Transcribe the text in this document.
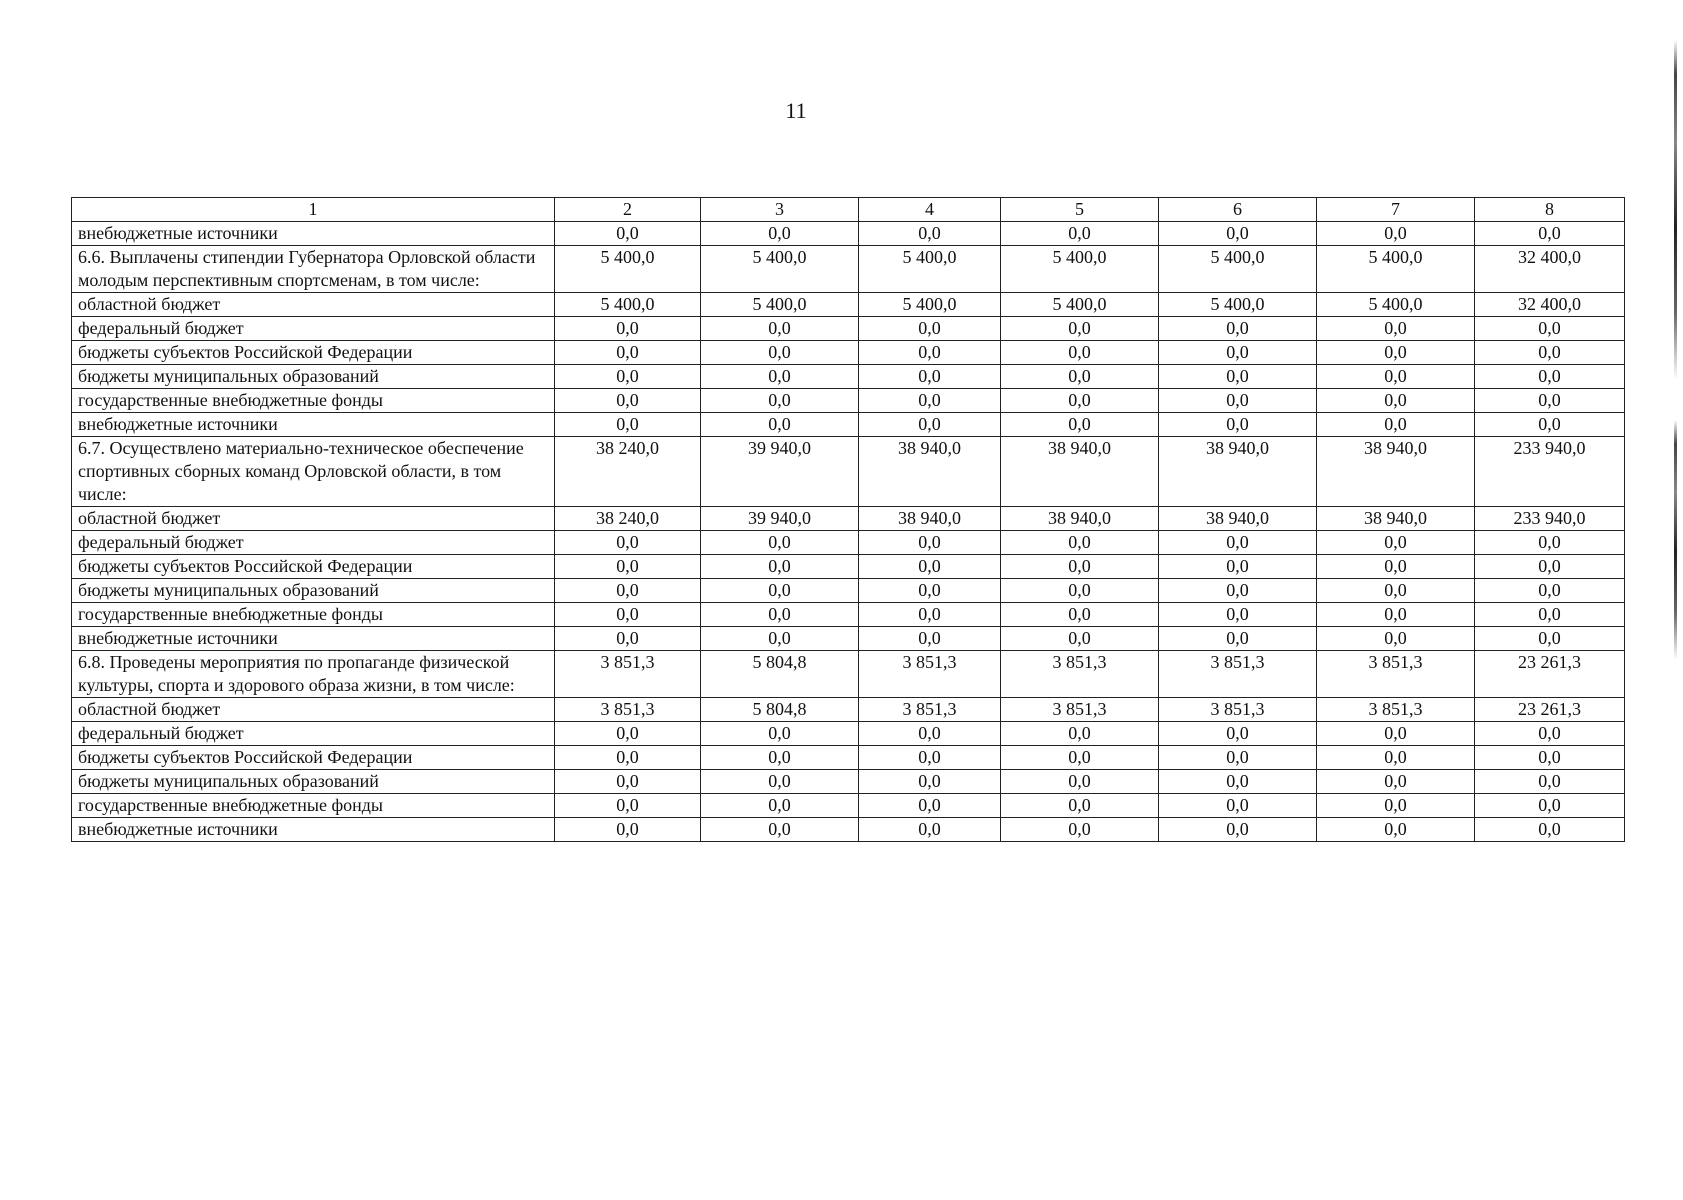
11
1	2	3	4	5	6	7	8
внебюджетные источники	0,0	0,0	0,0	0,0	0,0	0,0	0,0
6.6. Выплачены стипендии Губернатора Орловской области молодым перспективным спортсменам, в том числе:	5 400,0	5 400,0	5 400,0	5 400,0	5 400,0	5 400,0	32 400,0
областной бюджет	5 400,0	5 400,0	5 400,0	5 400,0	5 400,0	5 400,0	32 400,0
федеральный бюджет	0,0	0,0	0,0	0,0	0,0	0,0	0,0
бюджеты субъектов Российской Федерации	0,0	0,0	0,0	0,0	0,0	0,0	0,0
бюджеты муниципальных образований	0,0	0,0	0,0	0,0	0,0	0,0	0,0
государственные внебюджетные фонды	0,0	0,0	0,0	0,0	0,0	0,0	0,0
внебюджетные источники	0,0	0,0	0,0	0,0	0,0	0,0	0,0
6.7. Осуществлено материально-техническое обеспечение спортивных сборных команд Орловской области, в том числе:	38 240,0	39 940,0	38 940,0	38 940,0	38 940,0	38 940,0	233 940,0
областной бюджет	38 240,0	39 940,0	38 940,0	38 940,0	38 940,0	38 940,0	233 940,0
федеральный бюджет	0,0	0,0	0,0	0,0	0,0	0,0	0,0
бюджеты субъектов Российской Федерации	0,0	0,0	0,0	0,0	0,0	0,0	0,0
бюджеты муниципальных образований	0,0	0,0	0,0	0,0	0,0	0,0	0,0
государственные внебюджетные фонды	0,0	0,0	0,0	0,0	0,0	0,0	0,0
внебюджетные источники	0,0	0,0	0,0	0,0	0,0	0,0	0,0
6.8. Проведены мероприятия по пропаганде физической культуры, спорта и здорового образа жизни, в том числе:	3 851,3	5 804,8	3 851,3	3 851,3	3 851,3	3 851,3	23 261,3
областной бюджет	3 851,3	5 804,8	3 851,3	3 851,3	3 851,3	3 851,3	23 261,3
федеральный бюджет	0,0	0,0	0,0	0,0	0,0	0,0	0,0
бюджеты субъектов Российской Федерации	0,0	0,0	0,0	0,0	0,0	0,0	0,0
бюджеты муниципальных образований	0,0	0,0	0,0	0,0	0,0	0,0	0,0
государственные внебюджетные фонды	0,0	0,0	0,0	0,0	0,0	0,0	0,0
внебюджетные источники	0,0	0,0	0,0	0,0	0,0	0,0	0,0
